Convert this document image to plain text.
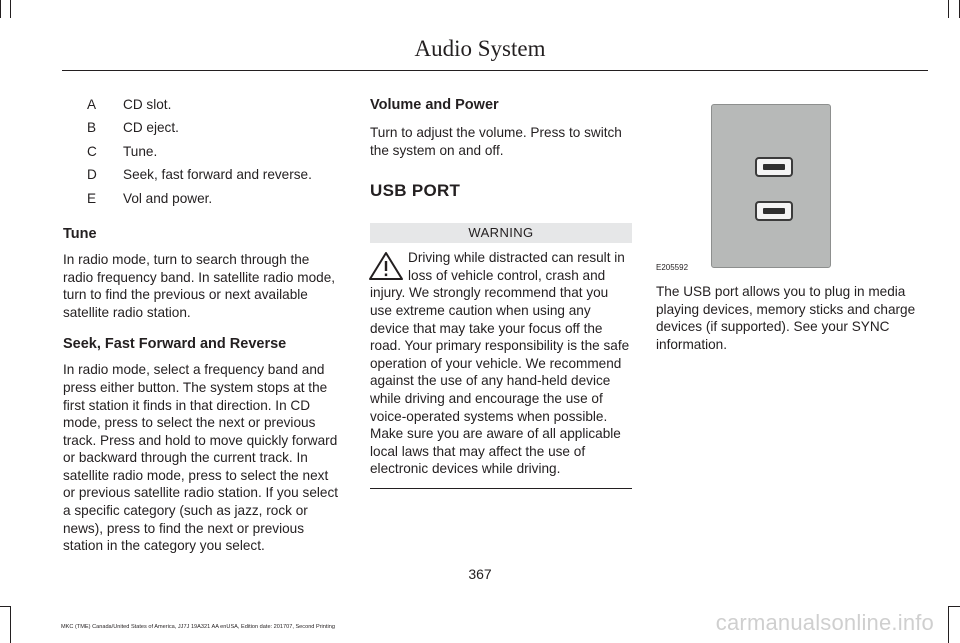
Audio System
A	CD slot.
B	CD eject.
C	Tune.
D	Seek, fast forward and reverse.
E	Vol and power.
Tune

In radio mode, turn to search through the radio frequency band. In satellite radio mode, turn to find the previous or next available satellite radio station.

Seek, Fast Forward and Reverse

In radio mode, select a frequency band and press either button. The system stops at the first station it finds in that direction. In CD mode, press to select the next or previous track. Press and hold to move quickly forward or backward through the current track. In satellite radio mode, press to select the next or previous satellite radio station. If you select a specific category (such as jazz, rock or news), press to find the next or previous station in the category you select.

Volume and Power

Turn to adjust the volume. Press to switch the system on and off.

USB PORT
WARNING

Driving while distracted can result in loss of vehicle control, crash and injury. We strongly recommend that you use extreme caution when using any device that may take your focus off the road. Your primary responsibility is the safe operation of your vehicle. We recommend against the use of any hand-held device while driving and encourage the use of voice-operated systems when possible. Make sure you are aware of all applicable local laws that may affect the use of electronic devices while driving.

E205592

The USB port allows you to plug in media playing devices, memory sticks and charge devices (if supported). See your SYNC information.

367
MKC (TME) Canada/United States of America, JJ7J 19A321 AA enUSA, Edition date: 201707, Second Printing	carmanualsonline.info
